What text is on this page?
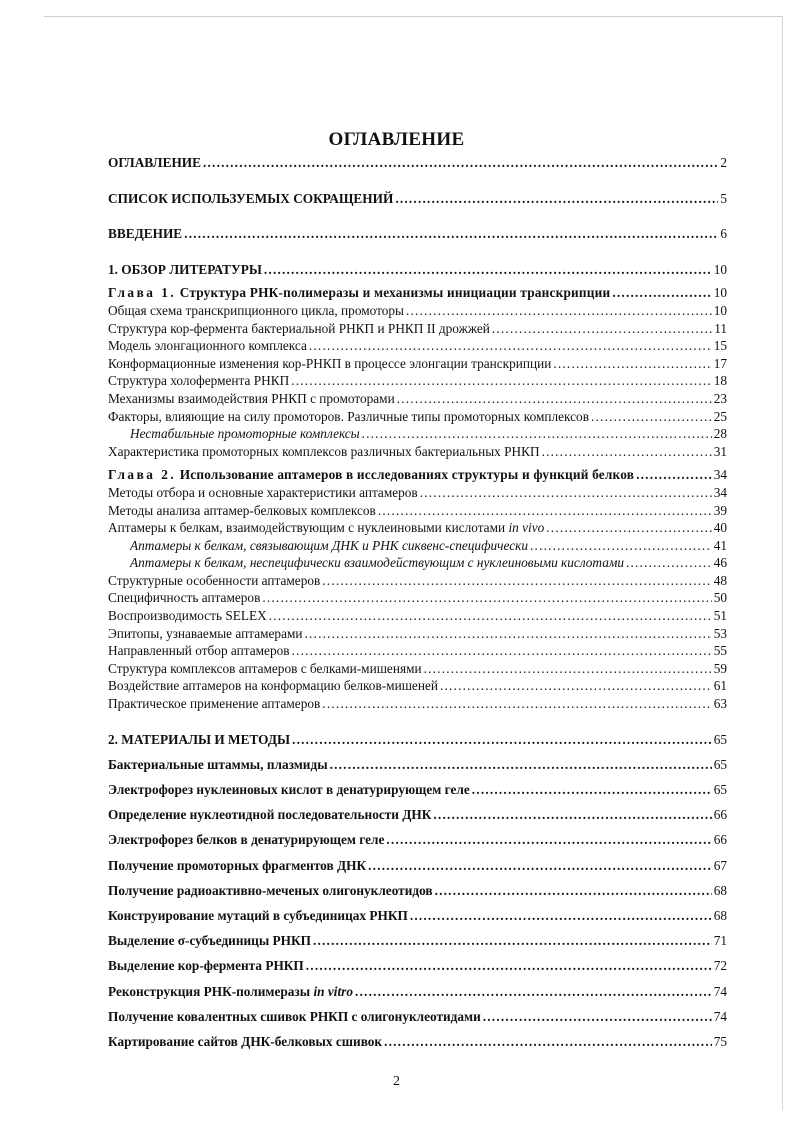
ОГЛАВЛЕНИЕ
ОГЛАВЛЕНИЕ .....	2
СПИСОК ИСПОЛЬЗУЕМЫХ СОКРАЩЕНИЙ .....	5
ВВЕДЕНИЕ .....	6
1. ОБЗОР ЛИТЕРАТУРЫ .....	10
Глава 1. Структура РНК-полимеразы и механизмы инициации транскрипции .....	10
Общая схема транскрипционного цикла, промоторы .....	10
Структура кор-фермента бактериальной РНКП и РНКП II дрожжей .....	11
Модель элонгационного комплекса .....	15
Конформационные изменения кор-РНКП в процессе элонгации транскрипции .....	17
Структура холофермента РНКП .....	18
Механизмы взаимодействия РНКП с промоторами .....	23
Факторы, влияющие на силу промоторов. Различные типы промоторных комплексов .....	25
Нестабильные промоторные комплексы .....	28
Характеристика промоторных комплексов различных бактериальных РНКП .....	31
Глава 2. Использование аптамеров в исследованиях структуры и функций белков .....	34
Методы отбора и основные характеристики аптамеров .....	34
Методы анализа аптамер-белковых комплексов .....	39
Аптамеры к белкам, взаимодействующим с нуклеиновыми кислотами in vivo .....	40
Аптамеры к белкам, связывающим ДНК и РНК сиквенс-специфически .....	41
Аптамеры к белкам, неспецифически взаимодействующим с нуклеиновыми кислотами .....	46
Структурные особенности аптамеров .....	48
Специфичность аптамеров .....	50
Воспроизводимость SELEX .....	51
Эпитопы, узнаваемые аптамерами .....	53
Направленный отбор аптамеров .....	55
Структура комплексов аптамеров с белками-мишенями .....	59
Воздействие аптамеров на конформацию белков-мишеней .....	61
Практическое применение аптамеров .....	63
2. МАТЕРИАЛЫ И МЕТОДЫ .....	65
Бактериальные штаммы, плазмиды .....	65
Электрофорез нуклеиновых кислот в денатурирующем геле .....	65
Определение нуклеотидной последовательности ДНК .....	66
Электрофорез белков в денатурирующем геле .....	66
Получение промоторных фрагментов ДНК .....	67
Получение радиоактивно-меченых олигонуклеотидов .....	68
Конструирование мутаций в субъединицах РНКП .....	68
Выделение σ-субъединицы РНКП .....	71
Выделение кор-фермента РНКП .....	72
Реконструкция РНК-полимеразы in vitro .....	74
Получение ковалентных сшивок РНКП с олигонуклеотидами .....	74
Картирование сайтов ДНК-белковых сшивок .....	75
2
